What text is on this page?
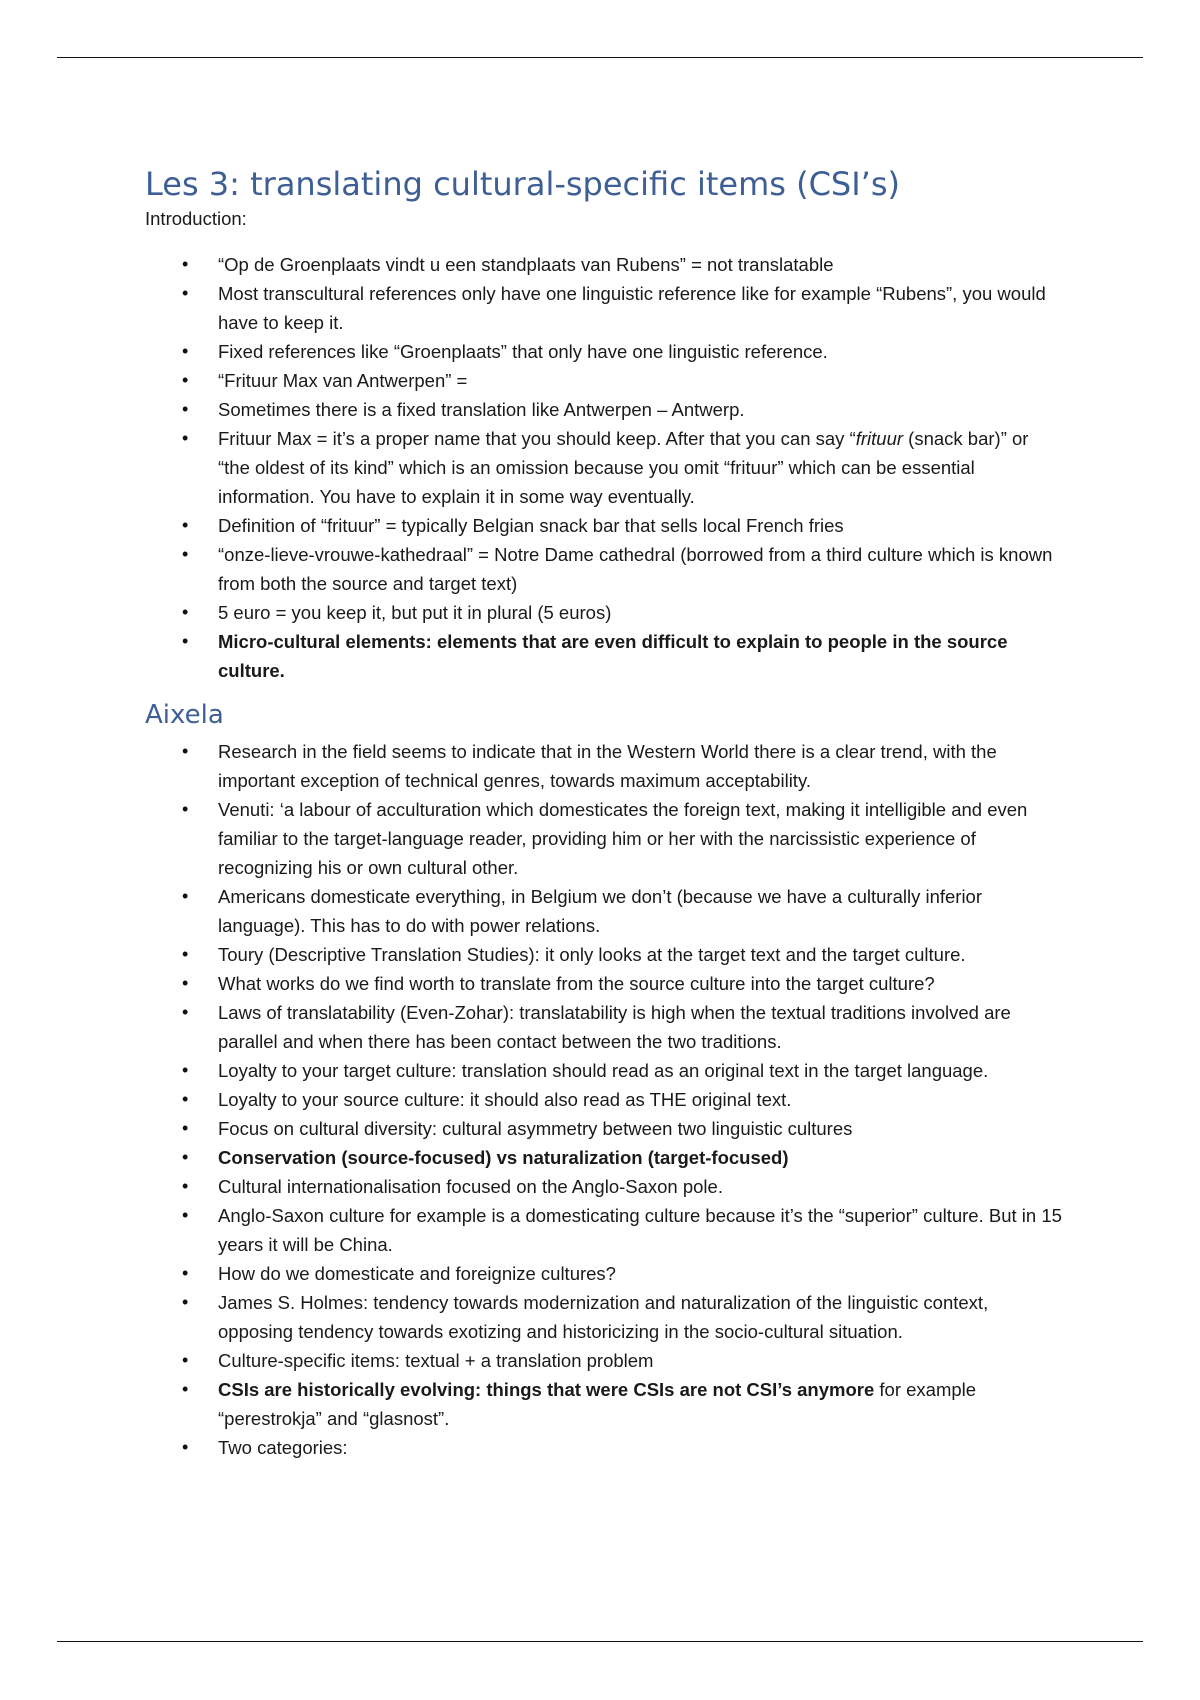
Les 3: translating cultural-specific items (CSI’s)

Introduction:

• “Op de Groenplaats vindt u een standplaats van Rubens” = not translatable
• Most transcultural references only have one linguistic reference like for example “Rubens”, you would have to keep it.
• Fixed references like “Groenplaats” that only have one linguistic reference.
• “Frituur Max van Antwerpen” =
• Sometimes there is a fixed translation like Antwerpen – Antwerp.
• Frituur Max = it’s a proper name that you should keep. After that you can say “frituur (snack bar)” or “the oldest of its kind” which is an omission because you omit “frituur” which can be essential information. You have to explain it in some way eventually.
• Definition of “frituur” = typically Belgian snack bar that sells local French fries
• “onze-lieve-vrouwe-kathedraal” = Notre Dame cathedral (borrowed from a third culture which is known from both the source and target text)
• 5 euro = you keep it, but put it in plural (5 euros)
• Micro-cultural elements: elements that are even difficult to explain to people in the source culture.
Aixela
• Research in the field seems to indicate that in the Western World there is a clear trend, with the important exception of technical genres, towards maximum acceptability.
• Venuti: ‘a labour of acculturation which domesticates the foreign text, making it intelligible and even familiar to the target-language reader, providing him or her with the narcissistic experience of recognizing his or own cultural other.
• Americans domesticate everything, in Belgium we don’t (because we have a culturally inferior language). This has to do with power relations.
• Toury (Descriptive Translation Studies): it only looks at the target text and the target culture.
• What works do we find worth to translate from the source culture into the target culture?
• Laws of translatability (Even-Zohar): translatability is high when the textual traditions involved are parallel and when there has been contact between the two traditions.
• Loyalty to your target culture: translation should read as an original text in the target language.
• Loyalty to your source culture: it should also read as THE original text.
• Focus on cultural diversity: cultural asymmetry between two linguistic cultures
• Conservation (source-focused) vs naturalization (target-focused)
• Cultural internationalisation focused on the Anglo-Saxon pole.
• Anglo-Saxon culture for example is a domesticating culture because it’s the “superior” culture. But in 15 years it will be China.
• How do we domesticate and foreignize cultures?
• James S. Holmes: tendency towards modernization and naturalization of the linguistic context, opposing tendency towards exotizing and historicizing in the socio-cultural situation.
• Culture-specific items: textual + a translation problem
• CSIs are historically evolving: things that were CSIs are not CSI’s anymore for example “perestrokja” and “glasnost”.
• Two categories:
